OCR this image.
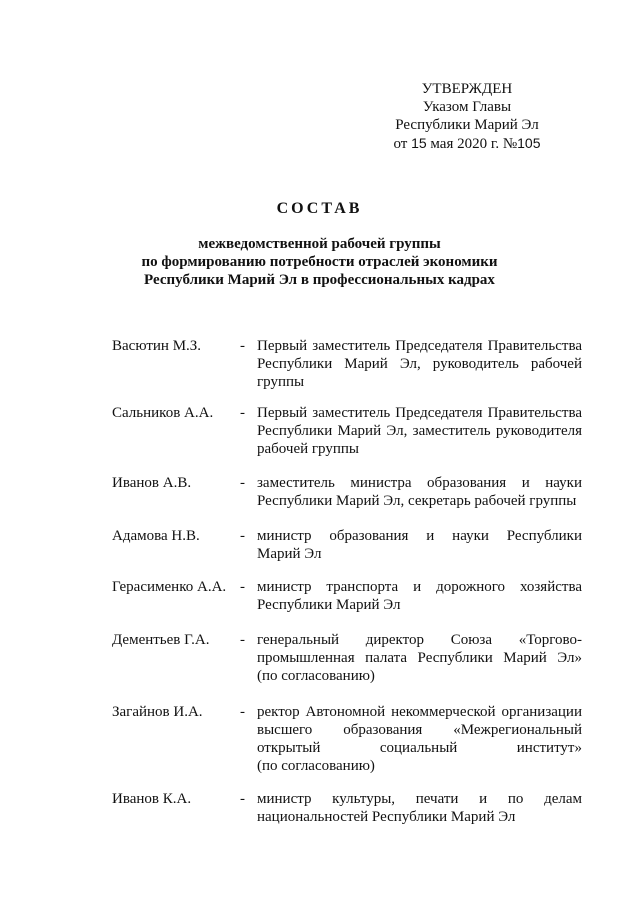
УТВЕРЖДЕН
Указом Главы
Республики Марий Эл
от 15 мая 2020 г. №105
СОСТАВ
межведомственной рабочей группы
по формированию потребности отраслей экономики
Республики Марий Эл в профессиональных кадрах
Васютин М.З.	- Первый заместитель Председателя Правительства
Республики Марий Эл, руководитель рабочей
группы
Сальников А.А. - Первый заместитель Председателя Правительства
Республики Марий Эл, заместитель руководителя
рабочей группы
Иванов А.В.	- заместитель министра образования и науки
Республики Марий Эл, секретарь рабочей группы
Адамова Н.В.	- министр образования и науки Республики
Марий Эл
Герасименко А.А. - министр транспорта и дорожного хозяйства
Республики Марий Эл
Дементьев Г.А. - генеральный директор Союза «Торгово-
промышленная палата Республики Марий Эл»
(по согласованию)
Загайнов И.А. - ректор Автономной некоммерческой организации
высшего образования «Межрегиональный
открытый социальный институт»
(по согласованию)
Иванов К.А.	- министр культуры, печати и по делам
национальностей Республики Марий Эл
